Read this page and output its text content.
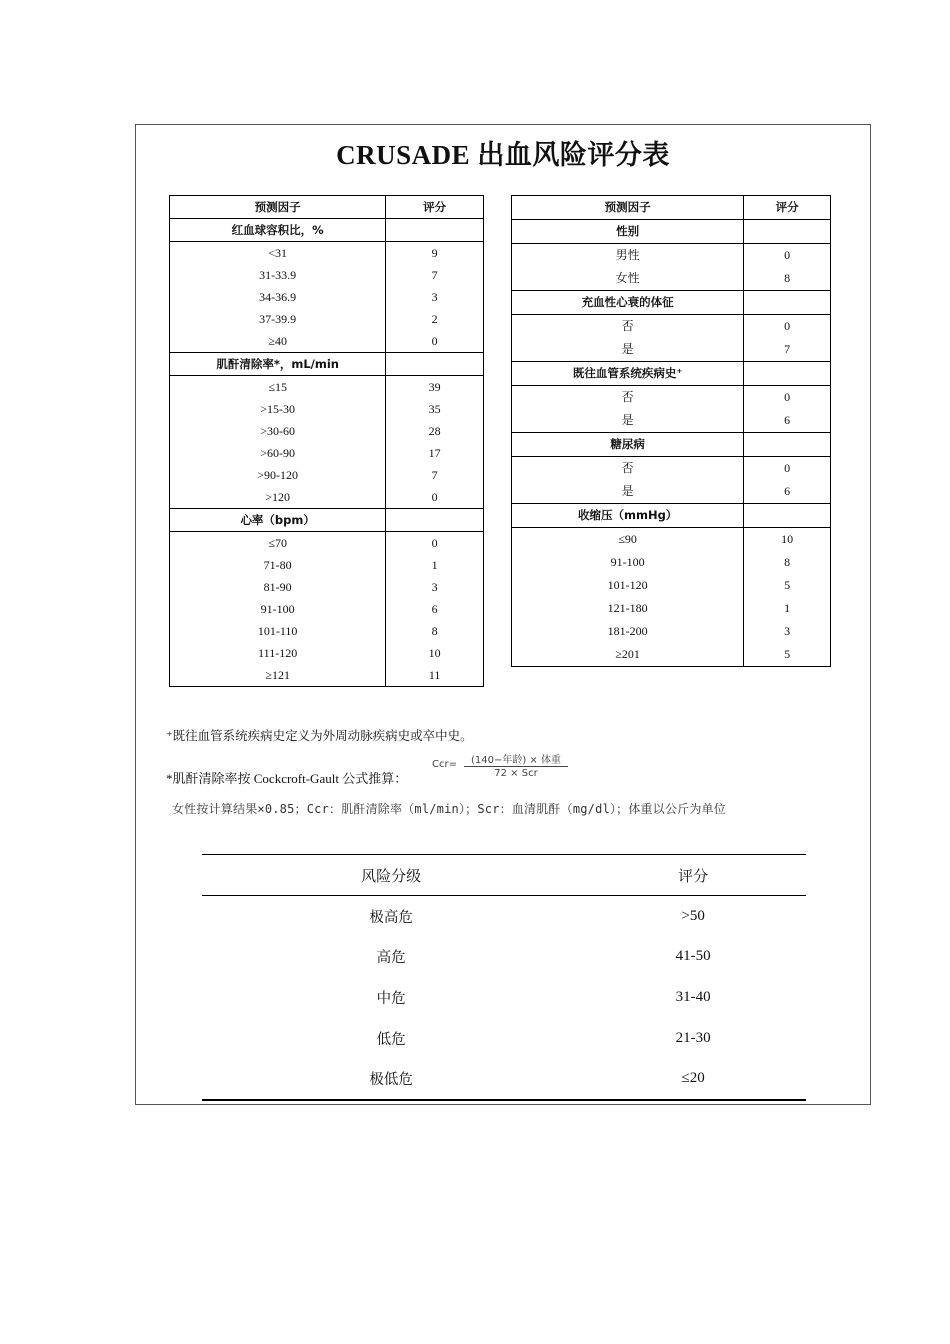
CRUSADE 出血风险评分表
预测因子	评分
红血球容积比，%	
<31	9
31-33.9	7
34-36.9	3
37-39.9	2
≥40	0
肌酐清除率*，mL/min	
≤15	39
>15-30	35
>30-60	28
>60-90	17
>90-120	7
>120	0
心率（bpm）	
≤70	0
71-80	1
81-90	3
91-100	6
101-110	8
111-120	10
≥121	11
预测因子	评分
性别	
男性	0
女性	8
充血性心衰的体征	
否	0
是	7
既往血管系统疾病史⁺	
否	0
是	6
糖尿病	
否	0
是	6
收缩压（mmHg）	
≤90	10
91-100	8
101-120	5
121-180	1
181-200	3
≥201	5
⁺既往血管系统疾病史定义为外周动脉疾病史或卒中史。
*肌酐清除率按 Cockcroft-Gault 公式推算：
Ccr=	(140−年龄) × 体重
72 × Scr
女性按计算结果×0.85；Ccr：肌酐清除率（ml/min）；Scr：血清肌酐（mg/dl）；体重以公斤为单位
风险分级	评分
极高危	>50
高危	41-50
中危	31-40
低危	21-30
极低危	≤20
